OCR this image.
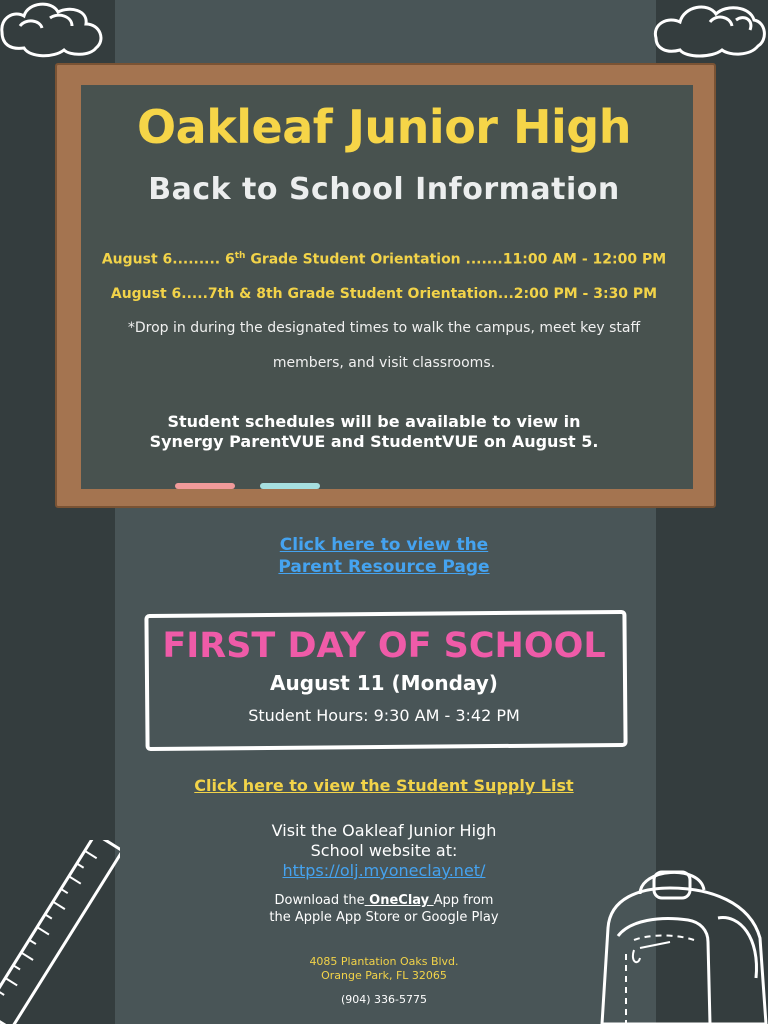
Oakleaf Junior High
Back to School Information
August 6......... 6th Grade Student Orientation .......11:00 AM - 12:00 PM
August 6.....7th & 8th Grade Student Orientation...2:00 PM - 3:30 PM
*Drop in during the designated times to walk the campus, meet key staff members, and visit classrooms.
Student schedules will be available to view in Synergy ParentVUE and StudentVUE on August 5.
Click here to view the
Parent Resource Page
FIRST DAY OF SCHOOL
August 11 (Monday)
Student Hours: 9:30 AM - 3:42 PM
Click here to view the Student Supply List
Visit the Oakleaf Junior High
School website at:
https://olj.myoneclay.net/
Download the OneClay App from
the Apple App Store or Google Play
4085 Plantation Oaks Blvd.
Orange Park, FL 32065
(904) 336-5775
